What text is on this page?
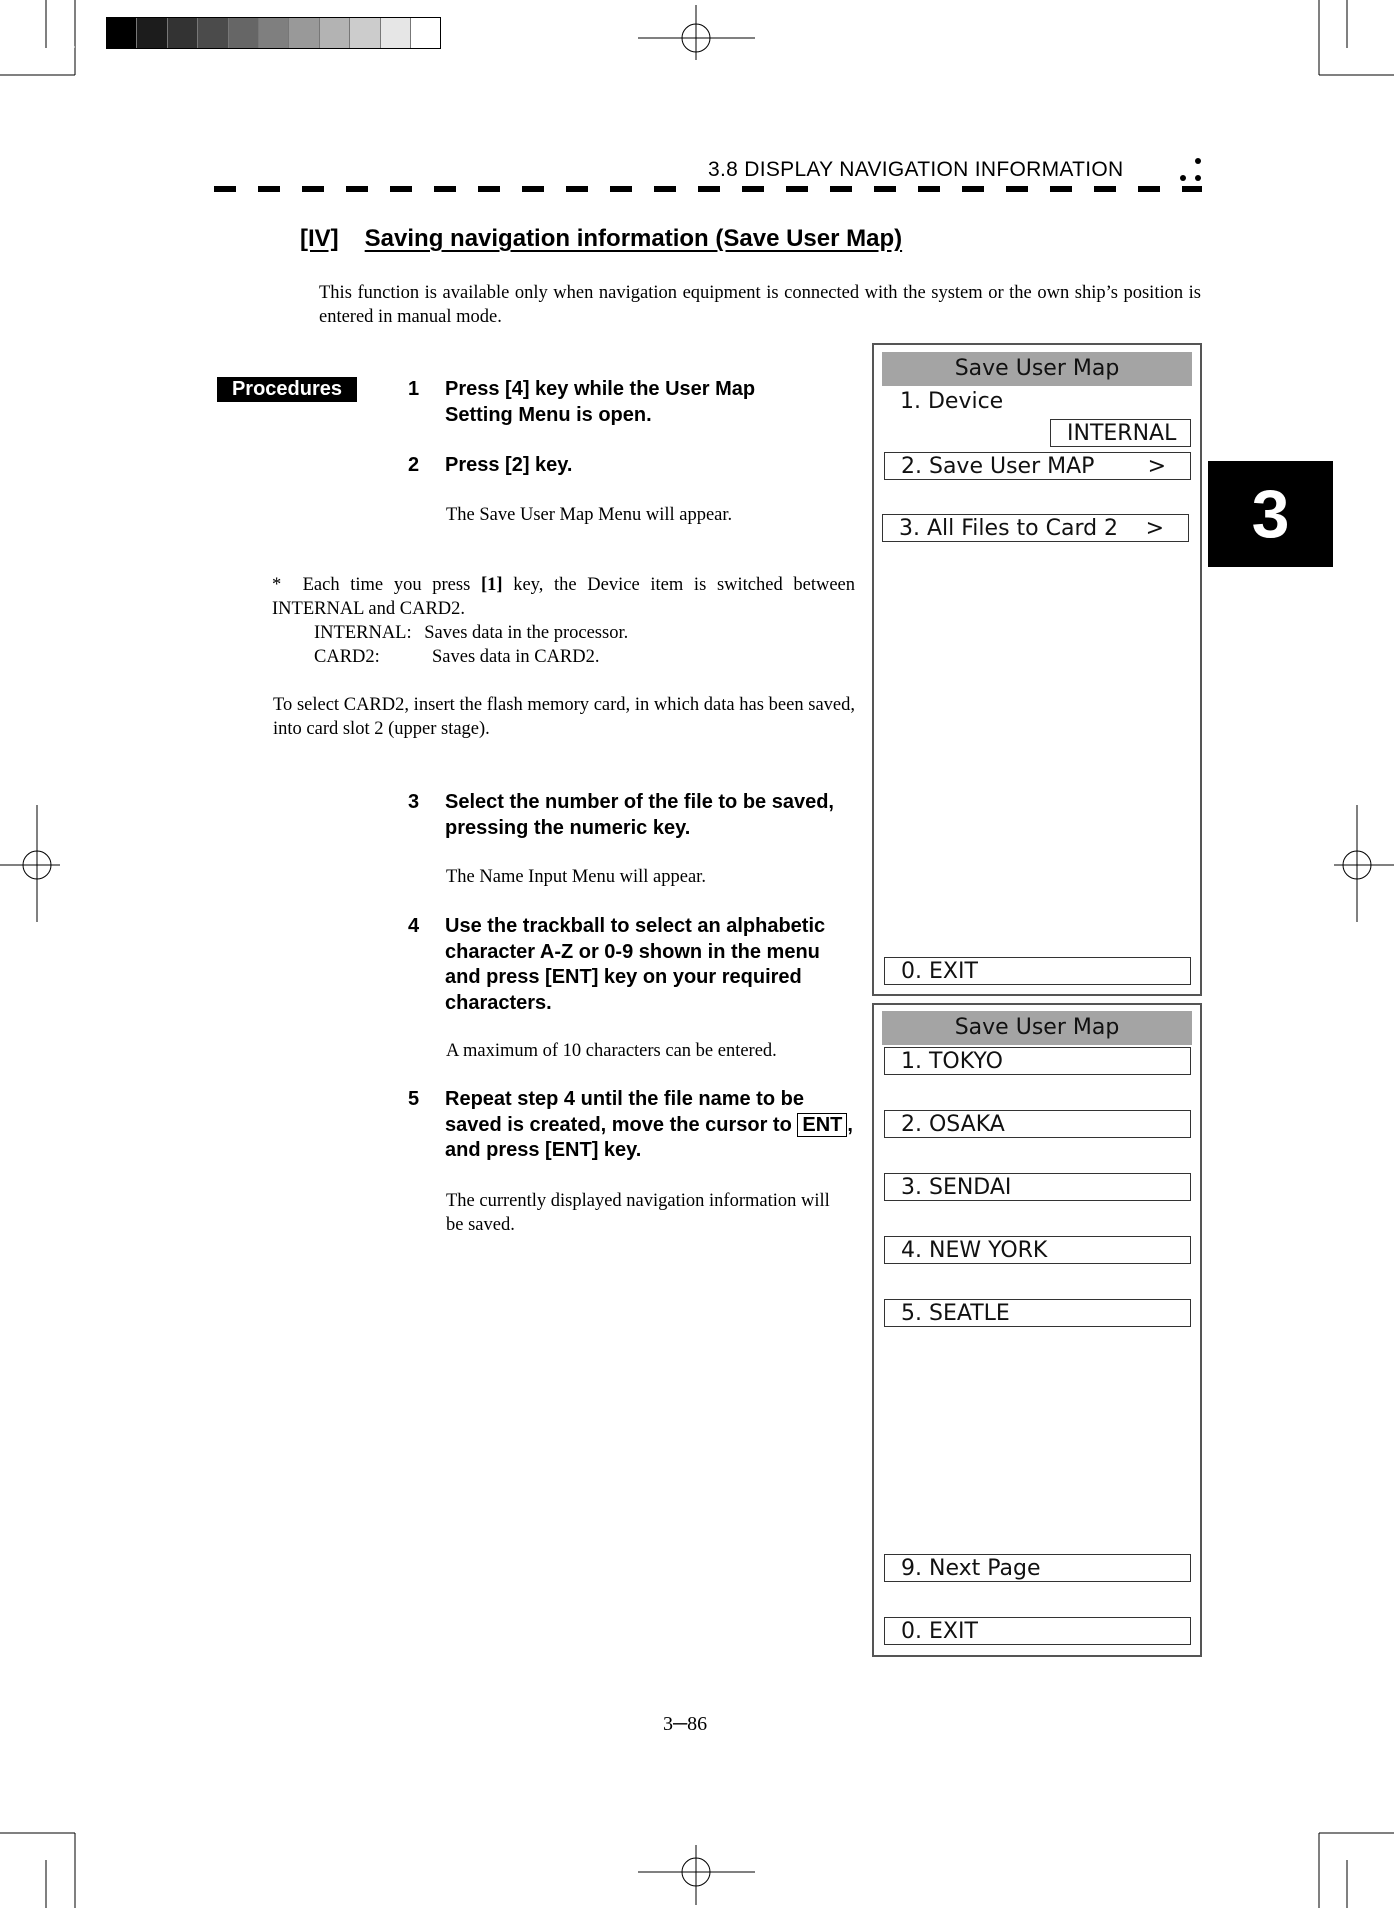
3.8 DISPLAY NAVIGATION INFORMATION
[IV] Saving navigation information (Save User Map)
This function is available only when navigation equipment is connected with the system or the own ship’s position is entered in manual mode.
Procedures	1 Press [4] key while the User Map Setting Menu is open.
2 Press [2] key.
The Save User Map Menu will appear.
* Each time you press [1] key, the Device item is switched between INTERNAL and CARD2.
INTERNAL: Saves data in the processor.
CARD2:	Saves data in CARD2.
To select CARD2, insert the flash memory card, in which data has been saved, into card slot 2 (upper stage).
3 Select the number of the file to be saved, pressing the numeric key.
The Name Input Menu will appear.
4 Use the trackball to select an alphabetic character A-Z or 0-9 shown in the menu and press [ENT] key on your required characters.
A maximum of 10 characters can be entered.
5 Repeat step 4 until the file name to be saved is created, move the cursor to ENT , and press [ENT] key.
The currently displayed navigation information will be saved.
Save User Map
1. Device
INTERNAL
2. Save User MAP >
3. All Files to Card 2 >
0. EXIT
Save User Map
1. TOKYO
2. OSAKA
3. SENDAI
4. NEW YORK
5. SEATLE
9. Next Page
0. EXIT
3
3─86
